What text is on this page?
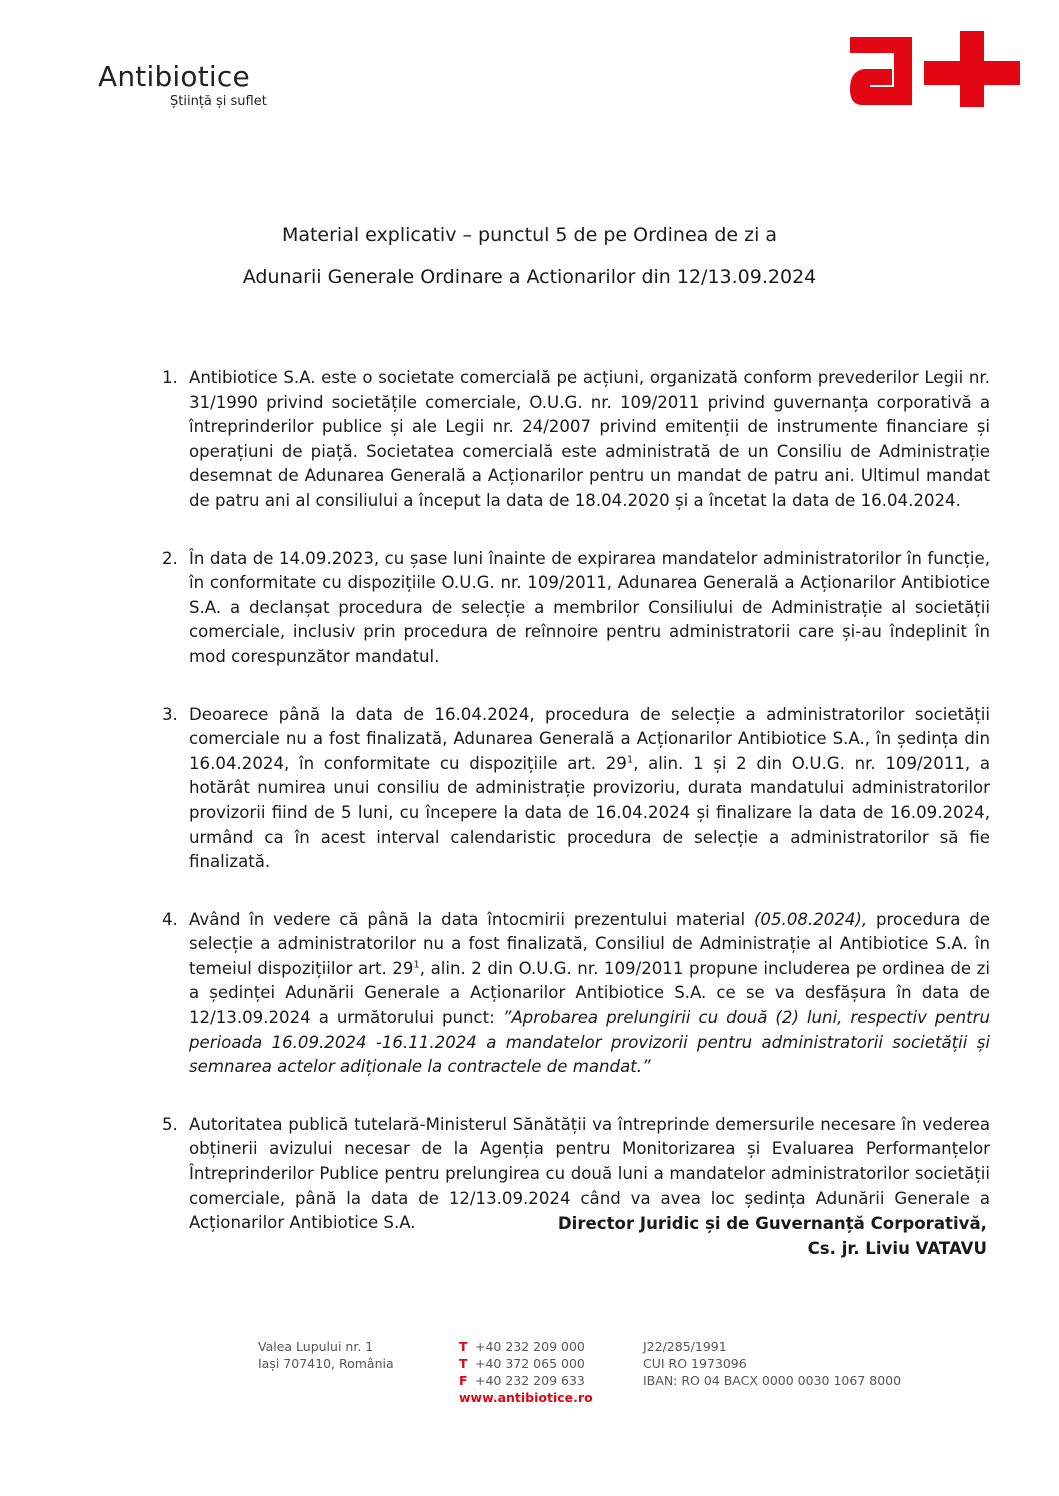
Antibiotice
Știință și suflet
Material explicativ – punctul 5 de pe Ordinea de zi a
Adunarii Generale Ordinare a Actionarilor din 12/13.09.2024
1. Antibiotice S.A. este o societate comercială pe acțiuni, organizată conform prevederilor Legii nr. 31/1990 privind societățile comerciale, O.U.G. nr. 109/2011 privind guvernanța corporativă a întreprinderilor publice și ale Legii nr. 24/2007 privind emitenții de instrumente financiare și operațiuni de piață. Societatea comercială este administrată de un Consiliu de Administrație desemnat de Adunarea Generală a Acționarilor pentru un mandat de patru ani. Ultimul mandat de patru ani al consiliului a început la data de 18.04.2020 și a încetat la data de 16.04.2024.
2. În data de 14.09.2023, cu șase luni înainte de expirarea mandatelor administratorilor în funcție, în conformitate cu dispozițiile O.U.G. nr. 109/2011, Adunarea Generală a Acționarilor Antibiotice S.A. a declanșat procedura de selecție a membrilor Consiliului de Administrație al societății comerciale, inclusiv prin procedura de reînnoire pentru administratorii care și-au îndeplinit în mod corespunzător mandatul.
3. Deoarece până la data de 16.04.2024, procedura de selecție a administratorilor societății comerciale nu a fost finalizată, Adunarea Generală a Acționarilor Antibiotice S.A., în ședința din 16.04.2024, în conformitate cu dispozițiile art. $29^1$, alin. 1 și 2 din O.U.G. nr. 109/2011, a hotărât numirea unui consiliu de administrație provizoriu, durata mandatului administratorilor provizorii fiind de 5 luni, cu începere la data de 16.04.2024 și finalizare la data de 16.09.2024, urmând ca în acest interval calendaristic procedura de selecție a administratorilor să fie finalizată.
4. Având în vedere că până la data întocmirii prezentului material (05.08.2024), procedura de selecție a administratorilor nu a fost finalizată, Consiliul de Administrație al Antibiotice S.A. în temeiul dispozițiilor art. $29^1$, alin. 2 din O.U.G. nr. 109/2011 propune includerea pe ordinea de zi a ședinței Adunării Generale a Acționarilor Antibiotice S.A. ce se va desfășura în data de 12/13.09.2024 a următorului punct: ”Aprobarea prelungirii cu două (2) luni, respectiv pentru perioada 16.09.2024 -16.11.2024 a mandatelor provizorii pentru administratorii societății și semnarea actelor adiționale la contractele de mandat.”
5. Autoritatea publică tutelară-Ministerul Sănătății va întreprinde demersurile necesare în vederea obținerii avizului necesar de la Agenția pentru Monitorizarea și Evaluarea Performanțelor Întreprinderilor Publice pentru prelungirea cu două luni a mandatelor administratorilor societății comerciale, până la data de 12/13.09.2024 când va avea loc ședința Adunării Generale a Acționarilor Antibiotice S.A.	Director Juridic și de Guvernanță Corporativă,
Cs. jr. Liviu VATAVU
Valea Lupului nr. 1
Iași 707410, România
T +40 232 209 000
T +40 372 065 000
F +40 232 209 633
www.antibiotice.ro
J22/285/1991
CUI RO 1973096
IBAN: RO 04 BACX 0000 0030 1067 8000
